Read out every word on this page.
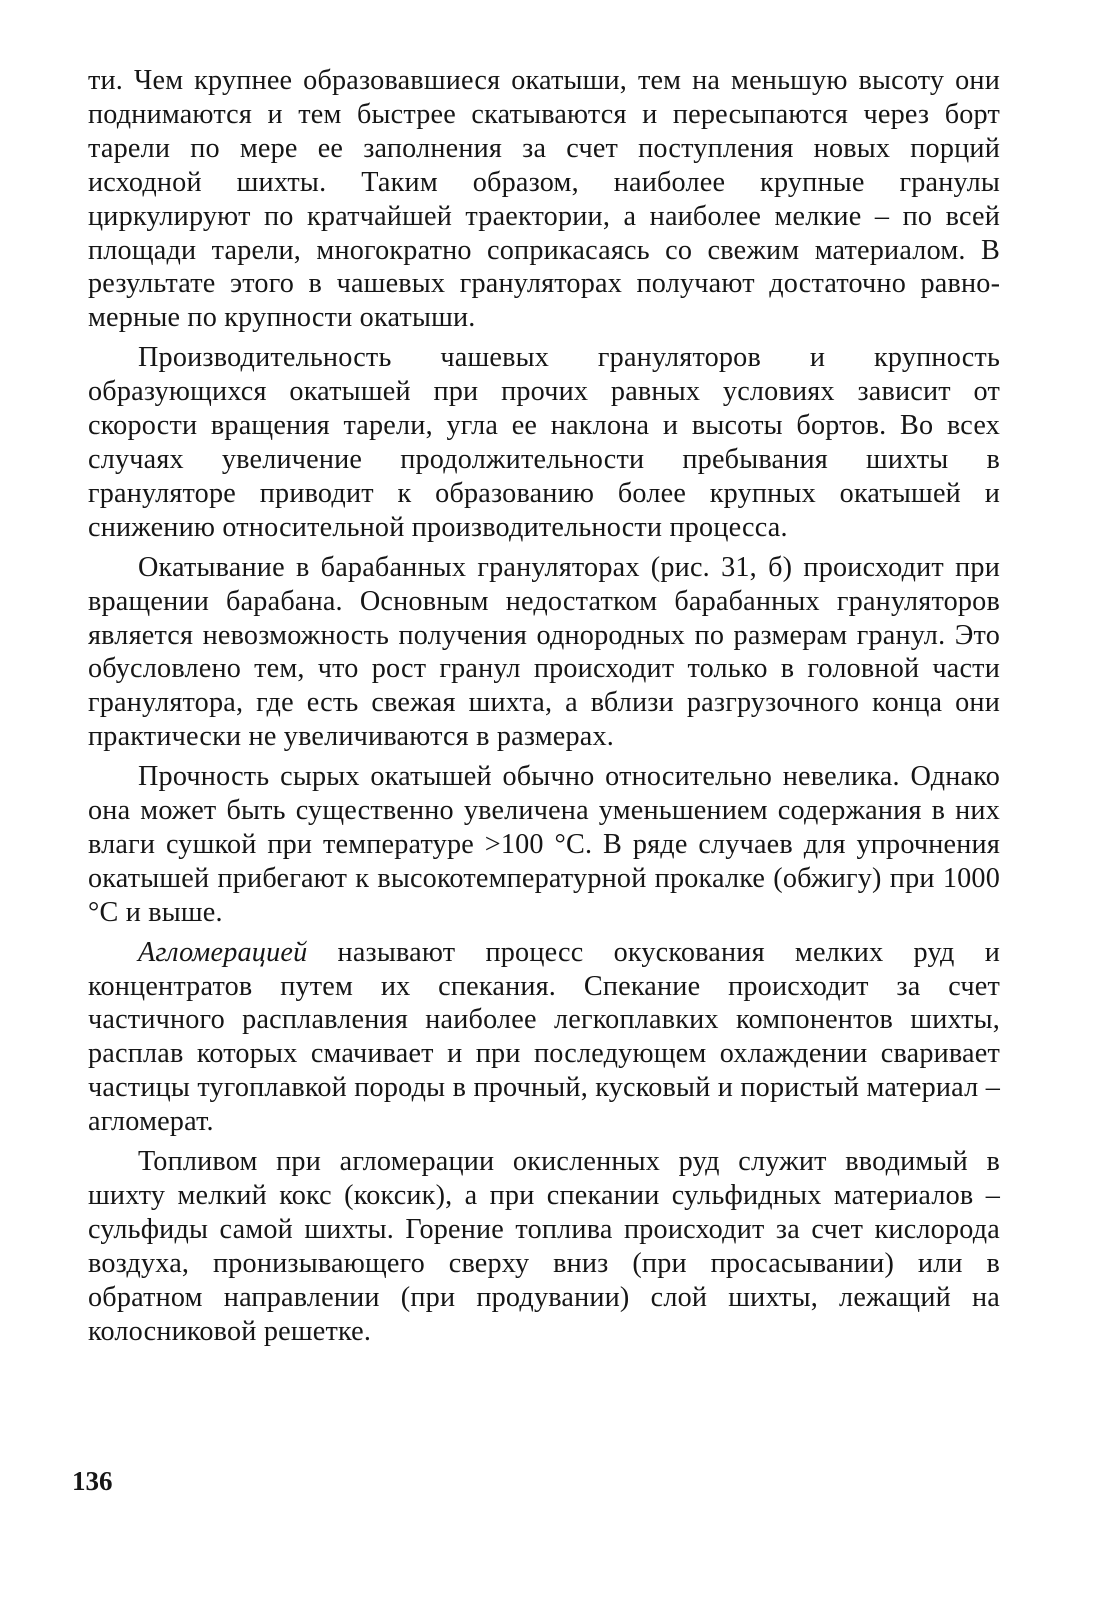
ти. Чем крупнее образовавшиеся окатыши, тем на меньшую высоту они поднимаются и тем быстрее скатываются и пересыпаются через борт тарели по мере ее заполнения за счет поступления новых порций исходной шихты. Таким образом, наиболее крупные гранулы циркулируют по кратчайшей траектории, а наиболее мелкие – по всей площади тарели, многократно соприкасаясь со свежим материалом. В результате этого в чашевых грануляторах получают достаточно равномерные по крупности окатыши.

Производительность чашевых грануляторов и крупность образующихся окатышей при прочих равных условиях зависит от скорости вращения тарели, угла ее наклона и высоты бортов. Во всех случаях увеличение продолжительности пребывания шихты в грануляторе приводит к образованию более крупных окатышей и снижению относительной производительности процесса.

Окатывание в барабанных грануляторах (рис. 31, б) происходит при вращении барабана. Основным недостатком барабанных грануляторов является невозможность получения однородных по размерам гранул. Это обусловлено тем, что рост гранул происходит только в головной части гранулятора, где есть свежая шихта, а вблизи разгрузочного конца они практически не увеличиваются в размерах.

Прочность сырых окатышей обычно относительно невелика. Однако она может быть существенно увеличена уменьшением содержания в них влаги сушкой при температуре >100 °C. В ряде случаев для упрочнения окатышей прибегают к высокотемпературной прокалке (обжигу) при 1000 °C и выше.

Агломерацией называют процесс окускования мелких руд и концентратов путем их спекания. Спекание происходит за счет частичного расплавления наиболее легкоплавких компонентов шихты, расплав которых смачивает и при последующем охлаждении сваривает частицы тугоплавкой породы в прочный, кусковый и пористый материал – агломерат.

Топливом при агломерации окисленных руд служит вводимый в шихту мелкий кокс (коксик), а при спекании сульфидных материалов – сульфиды самой шихты. Горение топлива происходит за счет кислорода воздуха, пронизывающего сверху вниз (при просасывании) или в обратном направлении (при продувании) слой шихты, лежащий на колосниковой решетке.

136
